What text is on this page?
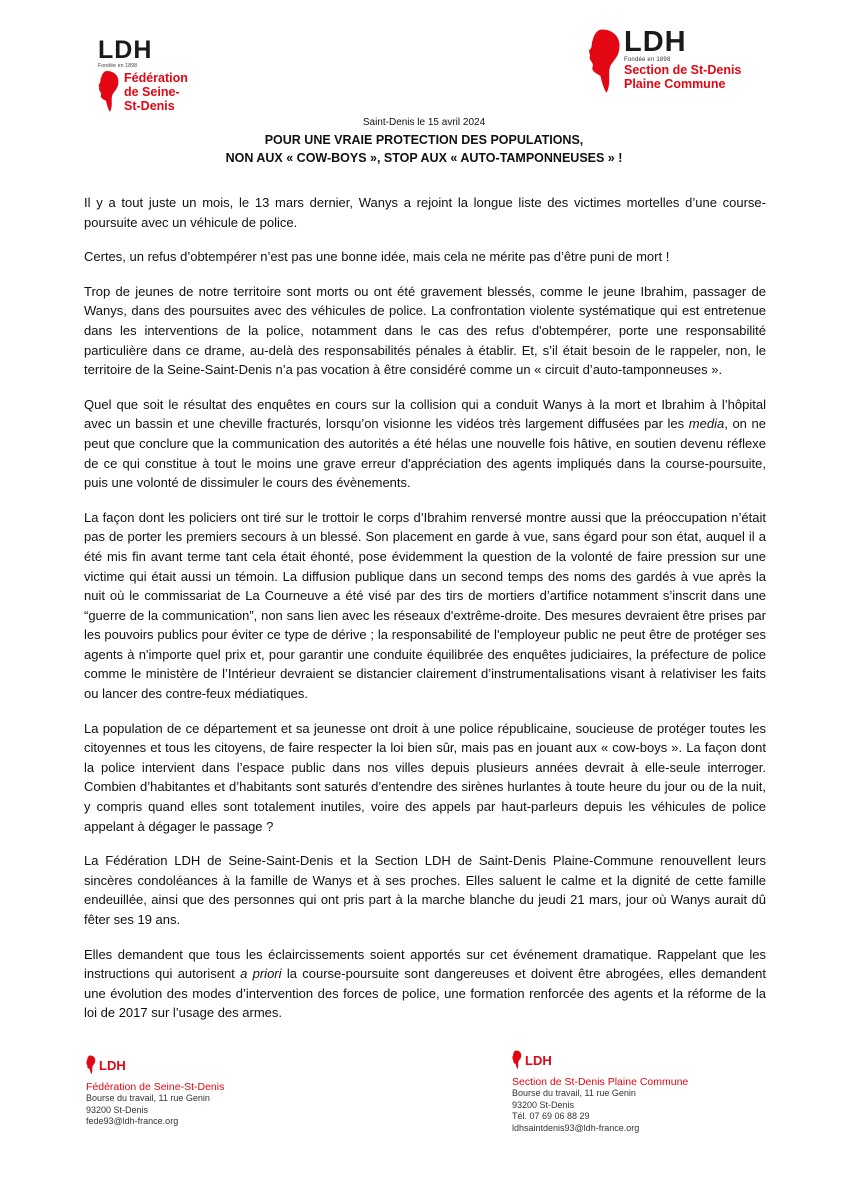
LDH
Fondée en 1898
Fédération
de Seine-
St-Denis
LDH
Fondée en 1898
Section de St-Denis
Plaine Commune
Saint-Denis le 15 avril 2024
POUR UNE VRAIE PROTECTION DES POPULATIONS,
NON AUX « COW-BOYS », STOP AUX « AUTO-TAMPONNEUSES » !

Il y a tout juste un mois, le 13 mars dernier, Wanys a rejoint la longue liste des victimes mortelles d’une course-poursuite avec un véhicule de police.

Certes, un refus d’obtempérer n’est pas une bonne idée, mais cela ne mérite pas d’être puni de mort !

Trop de jeunes de notre territoire sont morts ou ont été gravement blessés, comme le jeune Ibrahim, passager de Wanys, dans des poursuites avec des véhicules de police. La confrontation violente systématique qui est entretenue dans les interventions de la police, notamment dans le cas des refus d'obtempérer, porte une responsabilité particulière dans ce drame, au-delà des responsabilités pénales à établir. Et, s’il était besoin de le rappeler, non, le territoire de la Seine-Saint-Denis n’a pas vocation à être considéré comme un « circuit d’auto-tamponneuses ».

Quel que soit le résultat des enquêtes en cours sur la collision qui a conduit Wanys à la mort et Ibrahim à l’hôpital avec un bassin et une cheville fracturés, lorsqu’on visionne les vidéos très largement diffusées par les media, on ne peut que conclure que la communication des autorités a été hélas une nouvelle fois hâtive, en soutien devenu réflexe de ce qui constitue à tout le moins une grave erreur d'appréciation des agents impliqués dans la course-poursuite, puis une volonté de dissimuler le cours des évènements.

La façon dont les policiers ont tiré sur le trottoir le corps d’Ibrahim renversé montre aussi que la préoccupation n’était pas de porter les premiers secours à un blessé. Son placement en garde à vue, sans égard pour son état, auquel il a été mis fin avant terme tant cela était éhonté, pose évidemment la question de la volonté de faire pression sur une victime qui était aussi un témoin. La diffusion publique dans un second temps des noms des gardés à vue après la nuit où le commissariat de La Courneuve a été visé par des tirs de mortiers d’artifice notamment s’inscrit dans une “guerre de la communication”, non sans lien avec les réseaux d'extrême-droite. Des mesures devraient être prises par les pouvoirs publics pour éviter ce type de dérive ; la responsabilité de l'employeur public ne peut être de protéger ses agents à n'importe quel prix et, pour garantir une conduite équilibrée des enquêtes judiciaires, la préfecture de police comme le ministère de l’Intérieur devraient se distancier clairement d’instrumentalisations visant à relativiser les faits ou lancer des contre-feux médiatiques.

La population de ce département et sa jeunesse ont droit à une police républicaine, soucieuse de protéger toutes les citoyennes et tous les citoyens, de faire respecter la loi bien sûr, mais pas en jouant aux « cow-boys ». La façon dont la police intervient dans l’espace public dans nos villes depuis plusieurs années devrait à elle-seule interroger. Combien d’habitantes et d’habitants sont saturés d’entendre des sirènes hurlantes à toute heure du jour ou de la nuit, y compris quand elles sont totalement inutiles, voire des appels par haut-parleurs depuis les véhicules de police appelant à dégager le passage ?

La Fédération LDH de Seine-Saint-Denis et la Section LDH de Saint-Denis Plaine-Commune renouvellent leurs sincères condoléances à la famille de Wanys et à ses proches. Elles saluent le calme et la dignité de cette famille endeuillée, ainsi que des personnes qui ont pris part à la marche blanche du jeudi 21 mars, jour où Wanys aurait dû fêter ses 19 ans.

Elles demandent que tous les éclaircissements soient apportés sur cet événement dramatique. Rappelant que les instructions qui autorisent a priori la course-poursuite sont dangereuses et doivent être abrogées, elles demandent une évolution des modes d’intervention des forces de police, une formation renforcée des agents et la réforme de la loi de 2017 sur l’usage des armes.

LDH
Fédération de Seine-St-Denis
Bourse du travail, 11 rue Genin
93200 St-Denis
fede93@ldh-france.org
LDH
Section de St-Denis Plaine Commune
Bourse du travail, 11 rue Genin
93200 St-Denis
Tél. 07 69 06 88 29
ldhsaintdenis93@ldh-france.org
